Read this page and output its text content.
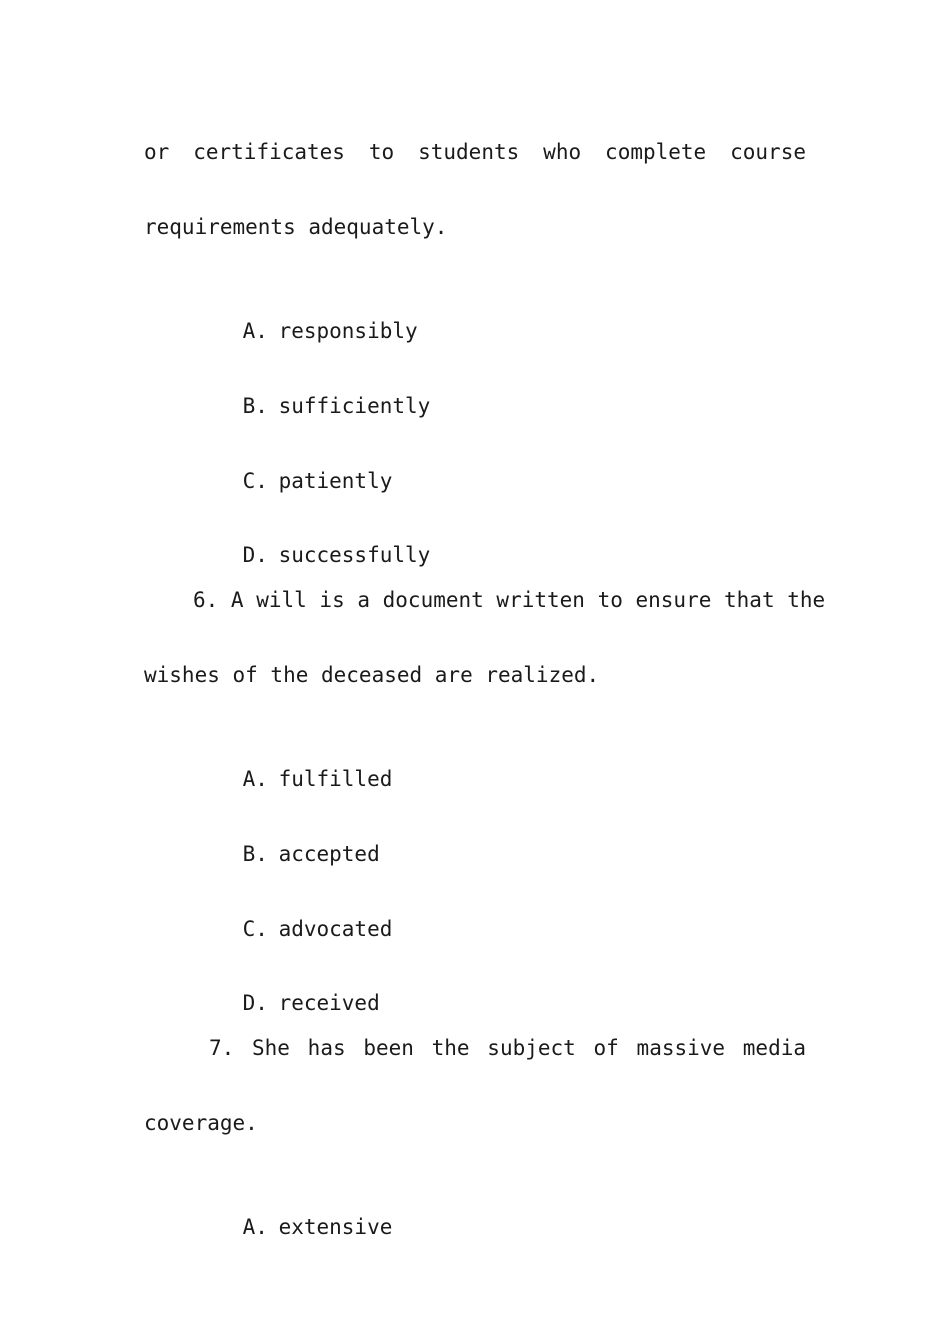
or certificates to students who complete course
requirements adequately.

A. responsibly

B. sufficiently

C. patiently

D. successfully

6. A will is a document written to ensure that the
wishes of the deceased are realized.

A. fulfilled

B. accepted

C. advocated

D. received

7. She has been the subject of massive media
coverage.

A. extensive
